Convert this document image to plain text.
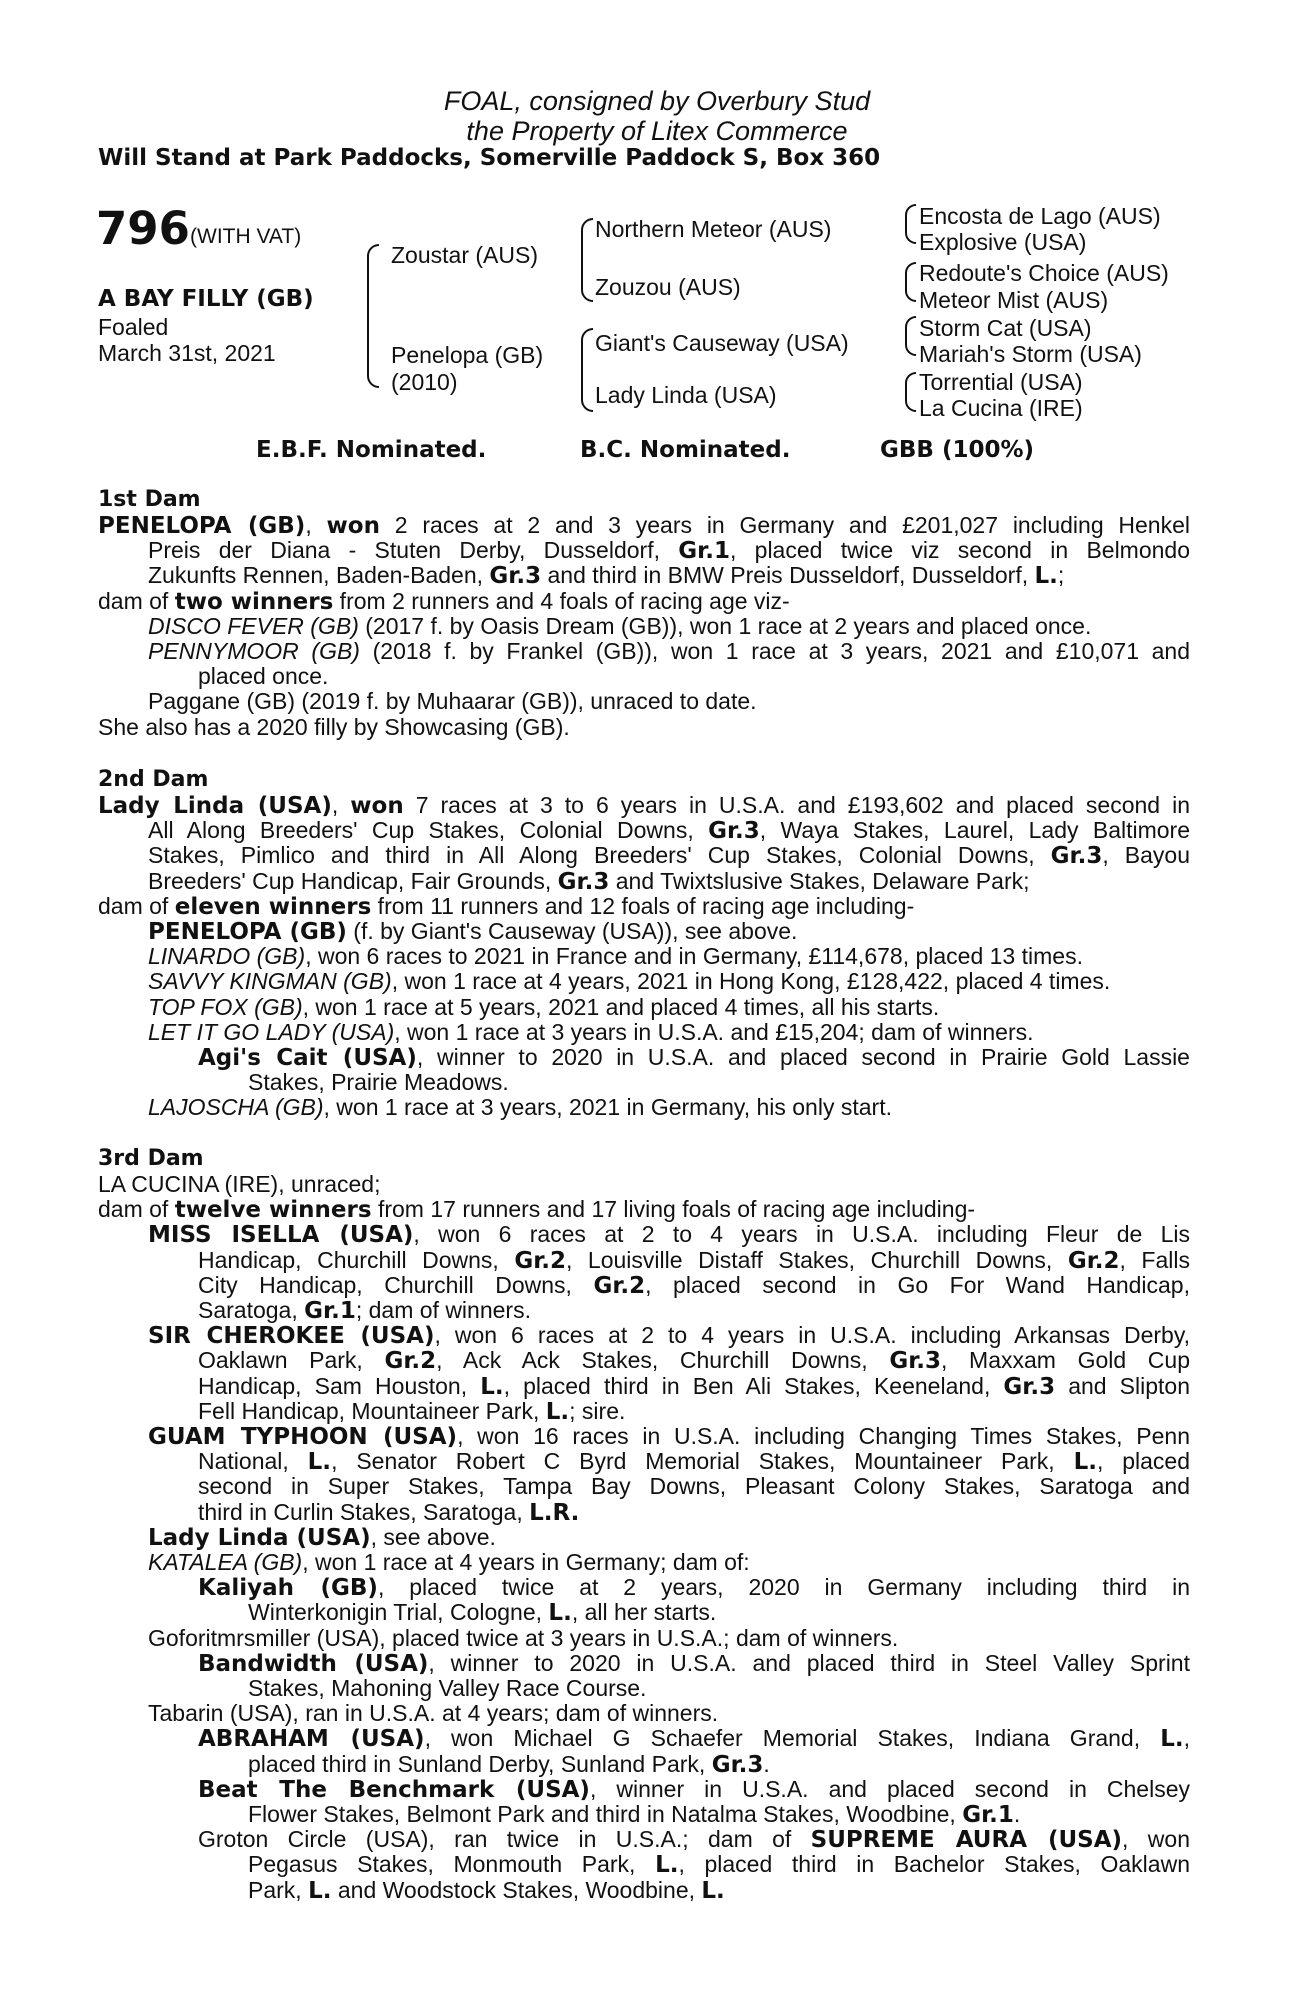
FOAL, consigned by Overbury Stud
the Property of Litex Commerce
Will Stand at Park Paddocks, Somerville Paddock S, Box 360
796 (WITH VAT)
A BAY FILLY (GB)
Foaled
March 31st, 2021
Zoustar (AUS)
Penelopa (GB)
(2010)
Northern Meteor (AUS)
Zouzou (AUS)
Giant's Causeway (USA)
Lady Linda (USA)
Encosta de Lago (AUS)
Explosive (USA)
Redoute's Choice (AUS)
Meteor Mist (AUS)
Storm Cat (USA)
Mariah's Storm (USA)
Torrential (USA)
La Cucina (IRE)
E.B.F. Nominated.	B.C. Nominated.	GBB (100%)
1st Dam
PENELOPA (GB), won 2 races at 2 and 3 years in Germany and £201,027 including Henkel
Preis der Diana - Stuten Derby, Dusseldorf, Gr.1, placed twice viz second in Belmondo
Zukunfts Rennen, Baden-Baden, Gr.3 and third in BMW Preis Dusseldorf, Dusseldorf, L.;
dam of two winners from 2 runners and 4 foals of racing age viz-
DISCO FEVER (GB) (2017 f. by Oasis Dream (GB)), won 1 race at 2 years and placed once.
PENNYMOOR (GB) (2018 f. by Frankel (GB)), won 1 race at 3 years, 2021 and £10,071 and
placed once.
Paggane (GB) (2019 f. by Muhaarar (GB)), unraced to date.
She also has a 2020 filly by Showcasing (GB).
2nd Dam
Lady Linda (USA), won 7 races at 3 to 6 years in U.S.A. and £193,602 and placed second in
All Along Breeders' Cup Stakes, Colonial Downs, Gr.3, Waya Stakes, Laurel, Lady Baltimore
Stakes, Pimlico and third in All Along Breeders' Cup Stakes, Colonial Downs, Gr.3, Bayou
Breeders' Cup Handicap, Fair Grounds, Gr.3 and Twixtslusive Stakes, Delaware Park;
dam of eleven winners from 11 runners and 12 foals of racing age including-
PENELOPA (GB) (f. by Giant's Causeway (USA)), see above.
LINARDO (GB), won 6 races to 2021 in France and in Germany, £114,678, placed 13 times.
SAVVY KINGMAN (GB), won 1 race at 4 years, 2021 in Hong Kong, £128,422, placed 4 times.
TOP FOX (GB), won 1 race at 5 years, 2021 and placed 4 times, all his starts.
LET IT GO LADY (USA), won 1 race at 3 years in U.S.A. and £15,204; dam of winners.
Agi's Cait (USA), winner to 2020 in U.S.A. and placed second in Prairie Gold Lassie
Stakes, Prairie Meadows.
LAJOSCHA (GB), won 1 race at 3 years, 2021 in Germany, his only start.
3rd Dam
LA CUCINA (IRE), unraced;
dam of twelve winners from 17 runners and 17 living foals of racing age including-
MISS ISELLA (USA), won 6 races at 2 to 4 years in U.S.A. including Fleur de Lis
Handicap, Churchill Downs, Gr.2, Louisville Distaff Stakes, Churchill Downs, Gr.2, Falls
City Handicap, Churchill Downs, Gr.2, placed second in Go For Wand Handicap,
Saratoga, Gr.1; dam of winners.
SIR CHEROKEE (USA), won 6 races at 2 to 4 years in U.S.A. including Arkansas Derby,
Oaklawn Park, Gr.2, Ack Ack Stakes, Churchill Downs, Gr.3, Maxxam Gold Cup
Handicap, Sam Houston, L., placed third in Ben Ali Stakes, Keeneland, Gr.3 and Slipton
Fell Handicap, Mountaineer Park, L.; sire.
GUAM TYPHOON (USA), won 16 races in U.S.A. including Changing Times Stakes, Penn
National, L., Senator Robert C Byrd Memorial Stakes, Mountaineer Park, L., placed
second in Super Stakes, Tampa Bay Downs, Pleasant Colony Stakes, Saratoga and
third in Curlin Stakes, Saratoga, L.R.
Lady Linda (USA), see above.
KATALEA (GB), won 1 race at 4 years in Germany; dam of:
Kaliyah (GB), placed twice at 2 years, 2020 in Germany including third in
Winterkonigin Trial, Cologne, L., all her starts.
Goforitmrsmiller (USA), placed twice at 3 years in U.S.A.; dam of winners.
Bandwidth (USA), winner to 2020 in U.S.A. and placed third in Steel Valley Sprint
Stakes, Mahoning Valley Race Course.
Tabarin (USA), ran in U.S.A. at 4 years; dam of winners.
ABRAHAM (USA), won Michael G Schaefer Memorial Stakes, Indiana Grand, L.,
placed third in Sunland Derby, Sunland Park, Gr.3.
Beat The Benchmark (USA), winner in U.S.A. and placed second in Chelsey
Flower Stakes, Belmont Park and third in Natalma Stakes, Woodbine, Gr.1.
Groton Circle (USA), ran twice in U.S.A.; dam of SUPREME AURA (USA), won
Pegasus Stakes, Monmouth Park, L., placed third in Bachelor Stakes, Oaklawn
Park, L. and Woodstock Stakes, Woodbine, L.
